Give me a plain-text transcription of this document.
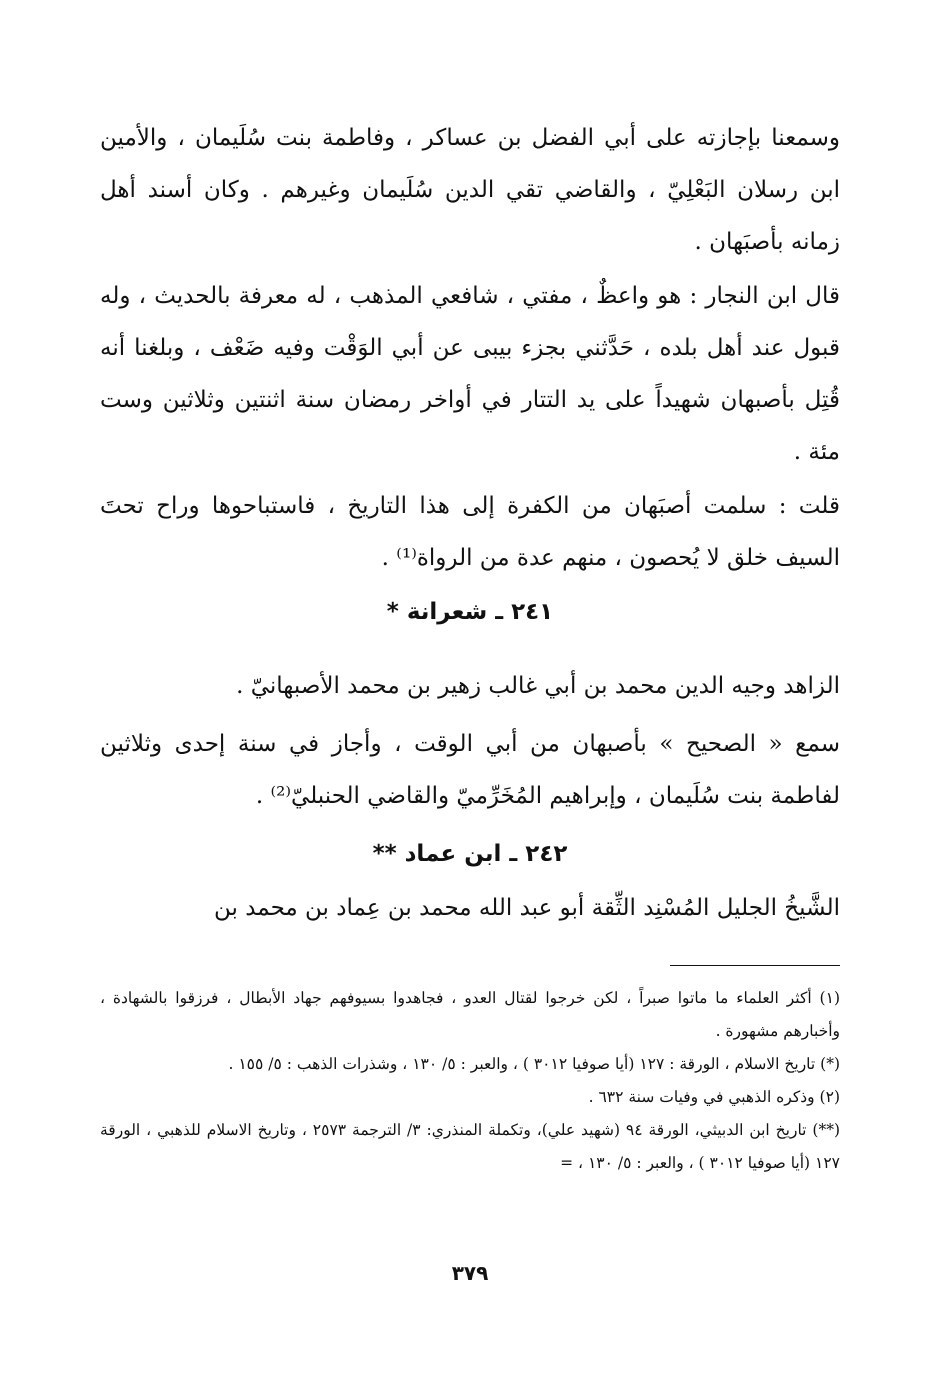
وسمعنا بإجازته على أبي الفضل بن عساكر ، وفاطمة بنت سُلَيمان ، والأمين ابن رسلان البَعْلِيّ ، والقاضي تقي الدين سُلَيمان وغيرهم . وكان أسند أهل زمانه بأصبَهان .

قال ابن النجار : هو واعظٌ ، مفتي ، شافعي المذهب ، له معرفة بالحديث ، وله قبول عند أهل بلده ، حَدَّثني بجزء بيبى عن أبي الوَقْت وفيه ضَعْف ، وبلغنا أنه قُتِل بأصبهان شهيداً على يد التتار في أواخر رمضان سنة اثنتين وثلاثين وست مئة .

قلت : سلمت أصبَهان من الكفرة إلى هذا التاريخ ، فاستباحوها وراح تحتَ السيف خلق لا يُحصون ، منهم عدة من الرواة⁽¹⁾ .

٢٤١ ـ شعرانة *

الزاهد وجيه الدين محمد بن أبي غالب زهير بن محمد الأصبهانيّ .

سمع « الصحيح » بأصبهان من أبي الوقت ، وأجاز في سنة إحدى وثلاثين لفاطمة بنت سُلَيمان ، وإبراهيم المُخَرِّميّ والقاضي الحنبليّ⁽²⁾ .

٢٤٢ ـ ابن عماد **

الشَّيخُ الجليل المُسْنِد الثِّقة أبو عبد الله محمد بن عِماد بن محمد بن

(١) أكثر العلماء ما ماتوا صبراً ، لكن خرجوا لقتال العدو ، فجاهدوا بسيوفهم جهاد الأبطال ، فرزقوا بالشهادة ، وأخبارهم مشهورة .

(*) تاريخ الاسلام ، الورقة : ١٢٧ (أيا صوفيا ٣٠١٢ ) ، والعبر : ٥/ ١٣٠ ، وشذرات الذهب : ٥/ ١٥٥ .

(٢) وذكره الذهبي في وفيات سنة ٦٣٢ .

(**) تاريخ ابن الدبيثي، الورقة ٩٤ (شهيد علي)، وتكملة المنذري: ٣/ الترجمة ٢٥٧٣ ، وتاريخ الاسلام للذهبي ، الورقة ١٢٧ (أيا صوفيا ٣٠١٢ ) ، والعبر : ٥/ ١٣٠ ، =

٣٧٩
